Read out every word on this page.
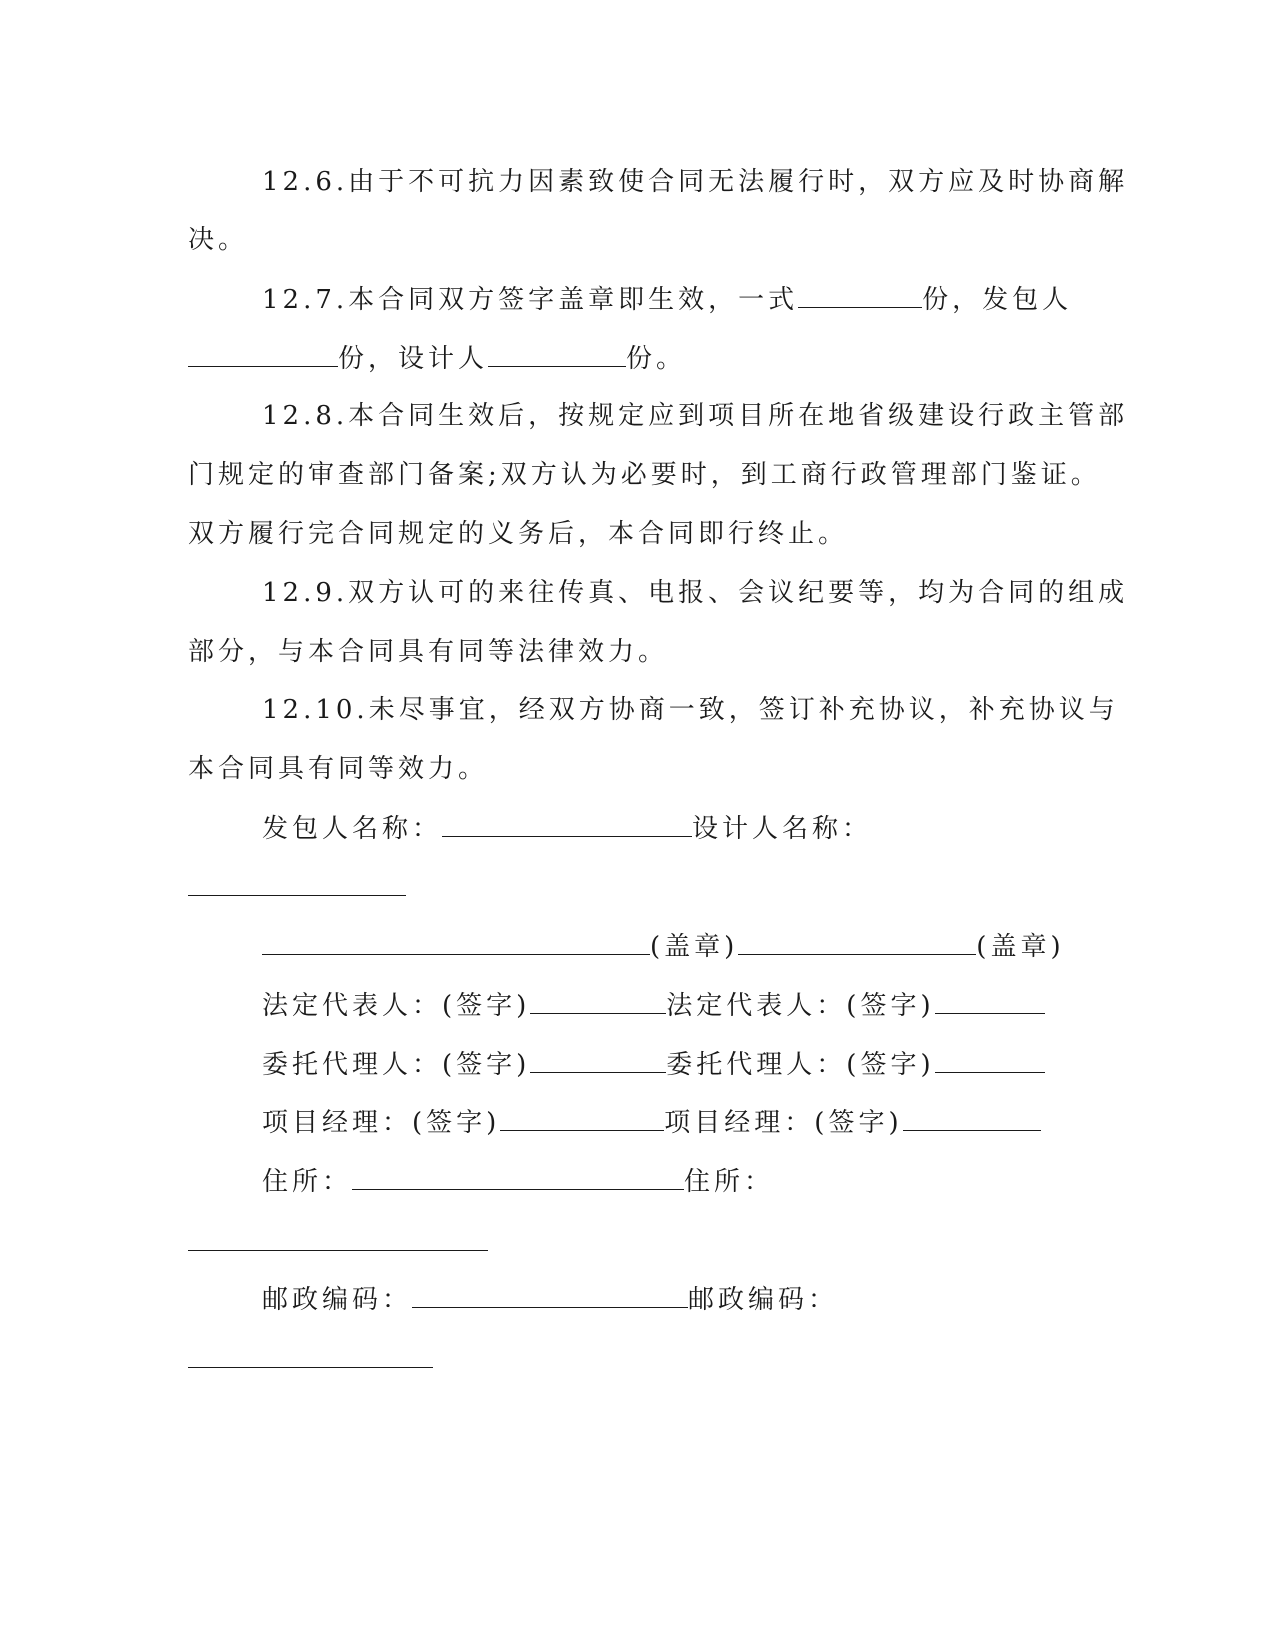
12.6.由于不可抗力因素致使合同无法履行时，双方应及时协商解
决。
12.7.本合同双方签字盖章即生效，一式	份，发包人
份，设计人	份。
12.8.本合同生效后，按规定应到项目所在地省级建设行政主管部
门规定的审查部门备案;双方认为必要时，到工商行政管理部门鉴证。
双方履行完合同规定的义务后，本合同即行终止。
12.9.双方认可的来往传真、电报、会议纪要等，均为合同的组成
部分，与本合同具有同等法律效力。
12.10.未尽事宜，经双方协商一致，签订补充协议，补充协议与
本合同具有同等效力。
发包人名称：	设计人名称：
(盖章)	(盖章)
法定代表人：(签字)	法定代表人：(签字)
委托代理人：(签字)	委托代理人：(签字)
项目经理：(签字)	项目经理：(签字)
住所：	住所：
邮政编码：	邮政编码：
